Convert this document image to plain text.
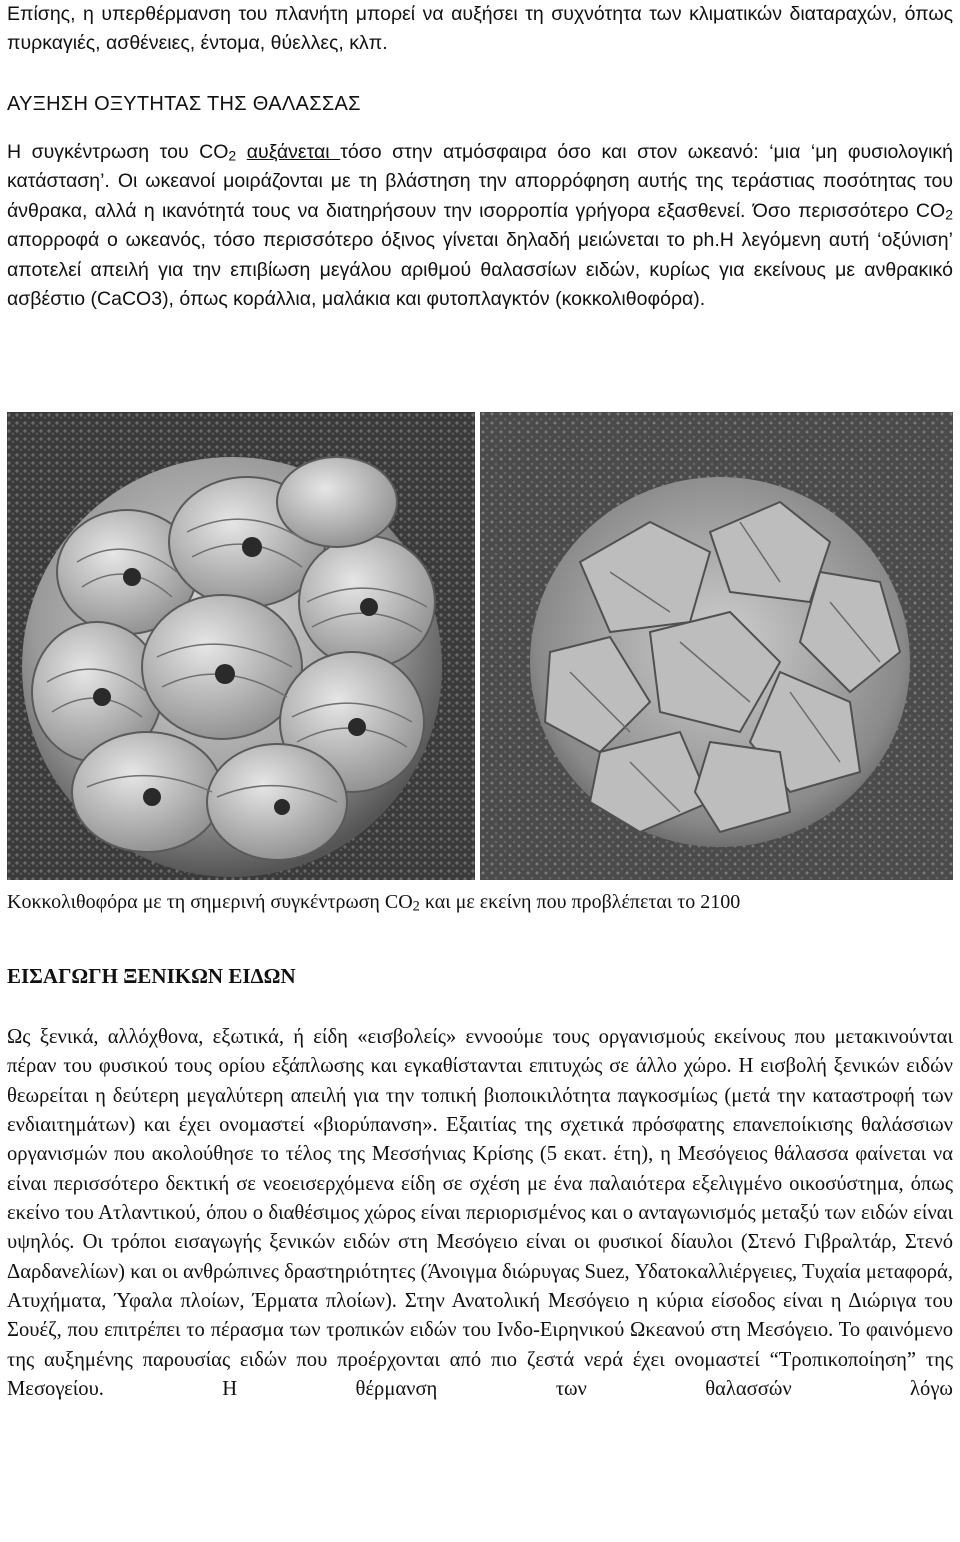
Επίσης, η υπερθέρμανση του πλανήτη μπορεί να αυξήσει τη συχνότητα των κλιματικών διαταραχών, όπως πυρκαγιές, ασθένειες, έντομα, θύελλες, κλπ.

ΑΥΞΗΣΗ ΟΞΥΤΗΤΑΣ ΤΗΣ ΘΑΛΑΣΣΑΣ

Η συγκέντρωση του $CO_2$ αυξάνεται τόσο στην ατμόσφαιρα όσο και στον ωκεανό: ‘μια ‘μη φυσιολογική κατάσταση’. Οι ωκεανοί μοιράζονται με τη βλάστηση την απορρόφηση αυτής της τεράστιας ποσότητας του άνθρακα, αλλά η ικανότητά τους να διατηρήσουν την ισορροπία γρήγορα εξασθενεί. Όσο περισσότερο $CO_2$ απορροφά ο ωκεανός, τόσο περισσότερο όξινος γίνεται δηλαδή μειώνεται το ph.Η λεγόμενη αυτή ‘οξύνιση’ αποτελεί απειλή για την επιβίωση μεγάλου αριθμού θαλασσίων ειδών, κυρίως για εκείνους με ανθρακικό ασβέστιο (CaCO3), όπως κοράλλια, μαλάκια και φυτοπλαγκτόν (κοκκολιθοφόρα).

Κοκκολιθοφόρα με τη σημερινή συγκέντρωση $CO_2$ και με εκείνη που προβλέπεται το 2100
ΕΙΣΑΓΩΓΗ ΞΕΝΙΚΩΝ ΕΙΔΩΝ

Ως ξενικά, αλλόχθονα, εξωτικά, ή είδη «εισβολείς» εννοούμε τους οργανισμούς εκείνους που μετακινούνται πέραν του φυσικού τους ορίου εξάπλωσης και εγκαθίστανται επιτυχώς σε άλλο χώρο. Η εισβολή ξενικών ειδών θεωρείται η δεύτερη μεγαλύτερη απειλή για την τοπική βιοποικιλότητα παγκοσμίως (μετά την καταστροφή των ενδιαιτημάτων) και έχει ονομαστεί «βιορύπανση». Εξαιτίας της σχετικά πρόσφατης επανεποίκισης θαλάσσιων οργανισμών που ακολούθησε το τέλος της Μεσσήνιας Κρίσης (5 εκατ. έτη), η Μεσόγειος θάλασσα φαίνεται να είναι περισσότερο δεκτική σε νεοεισερχόμενα είδη σε σχέση με ένα παλαιότερα εξελιγμένο οικοσύστημα, όπως εκείνο του Ατλαντικού, όπου ο διαθέσιμος χώρος είναι περιορισμένος και ο ανταγωνισμός μεταξύ των ειδών είναι υψηλός. Οι τρόποι εισαγωγής ξενικών ειδών στη Μεσόγειο είναι οι φυσικοί δίαυλοι (Στενό Γιβραλτάρ, Στενό Δαρδανελίων) και οι ανθρώπινες δραστηριότητες (Άνοιγμα διώρυγας Suez, Υδατοκαλλιέργειες, Τυχαία μεταφορά, Ατυχήματα, Ύφαλα πλοίων, Έρματα πλοίων). Στην Ανατολική Μεσόγειο η κύρια είσοδος είναι η Διώριγα του Σουέζ, που επιτρέπει το πέρασμα των τροπικών ειδών του Ινδο-Ειρηνικού Ωκεανού στη Μεσόγειο. Το φαινόμενο της αυξημένης παρουσίας ειδών που προέρχονται από πιο ζεστά νερά έχει ονομαστεί “Τροπικοποίηση” της Μεσογείου. Η θέρμανση των θαλασσών λόγω
